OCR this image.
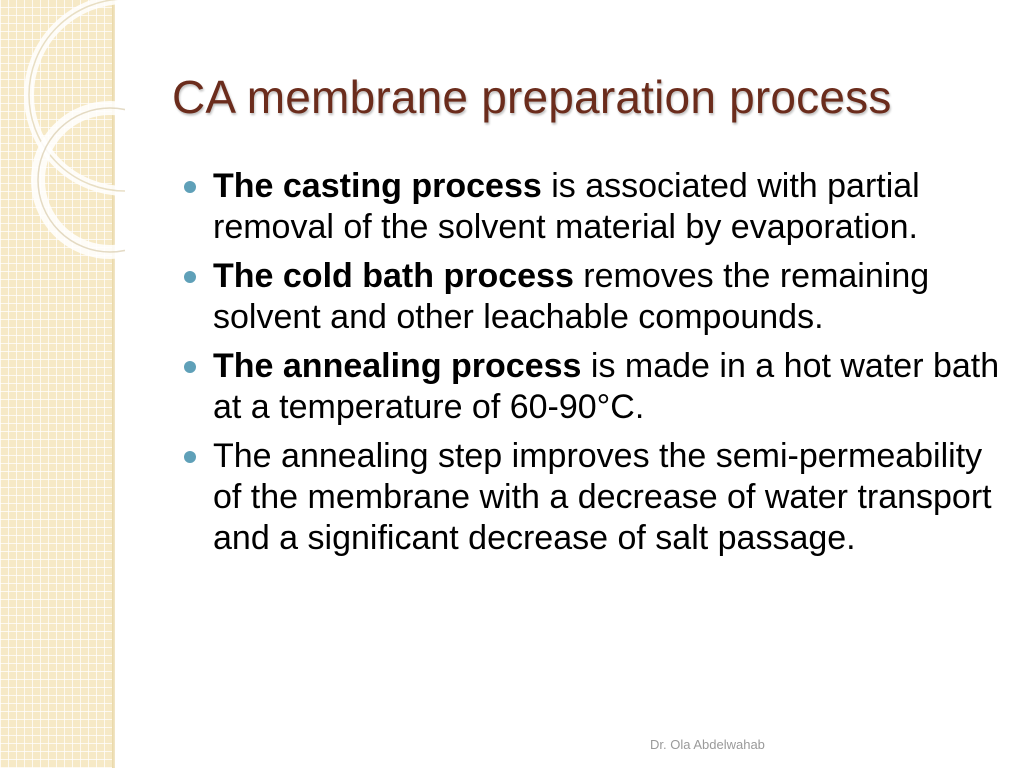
CA membrane preparation process
The casting process is associated with partial removal of the solvent material by evaporation.
The cold bath process removes the remaining solvent and other leachable compounds.
The annealing process is made in a hot water bath at a temperature of 60-90°C.
The annealing step improves the semi-permeability of the membrane with a decrease of water transport and a significant decrease of salt passage.
Dr. Ola Abdelwahab
